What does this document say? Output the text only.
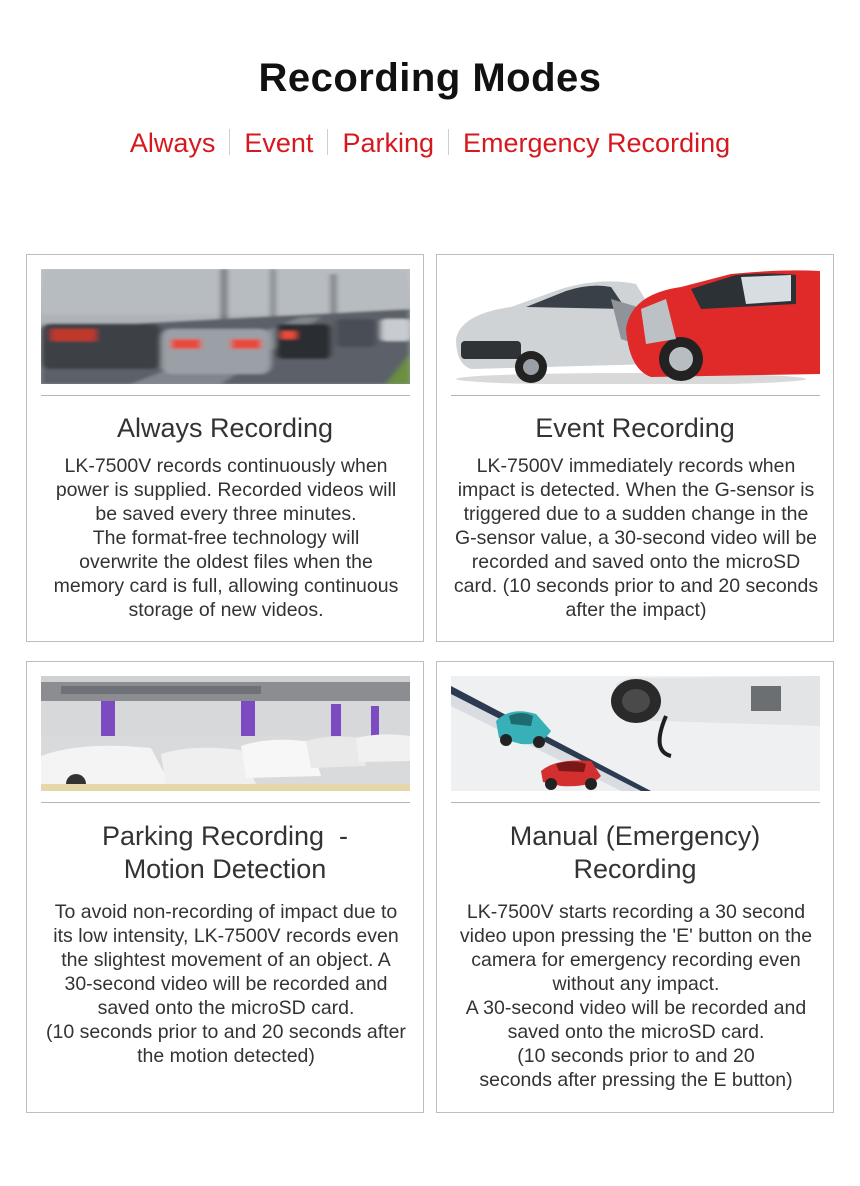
Recording Modes
Always Event Parking Emergency Recording

Always Recording

LK-7500V records continuously when

power is supplied. Recorded videos will

be saved every three minutes.

The format-free technology will

overwrite the oldest files when the

memory card is full, allowing continuous

storage of new videos.

Event Recording

LK-7500V immediately records when

impact is detected. When the G-sensor is

triggered due to a sudden change in the

G-sensor value, a 30-second video will be

recorded and saved onto the microSD

card. (10 seconds prior to and 20 seconds

after the impact)

Parking Recording  -

Motion Detection

To avoid non-recording of impact due to

its low intensity, LK-7500V records even

the slightest movement of an object. A

30-second video will be recorded and

saved onto the microSD card.

(10 seconds prior to and 20 seconds after

the motion detected)

Manual (Emergency)

Recording

LK-7500V starts recording a 30 second

video upon pressing the 'E' button on the

camera for emergency recording even

without any impact.

A 30-second video will be recorded and

saved onto the microSD card.

(10 seconds prior to and 20

seconds after pressing the E button)
